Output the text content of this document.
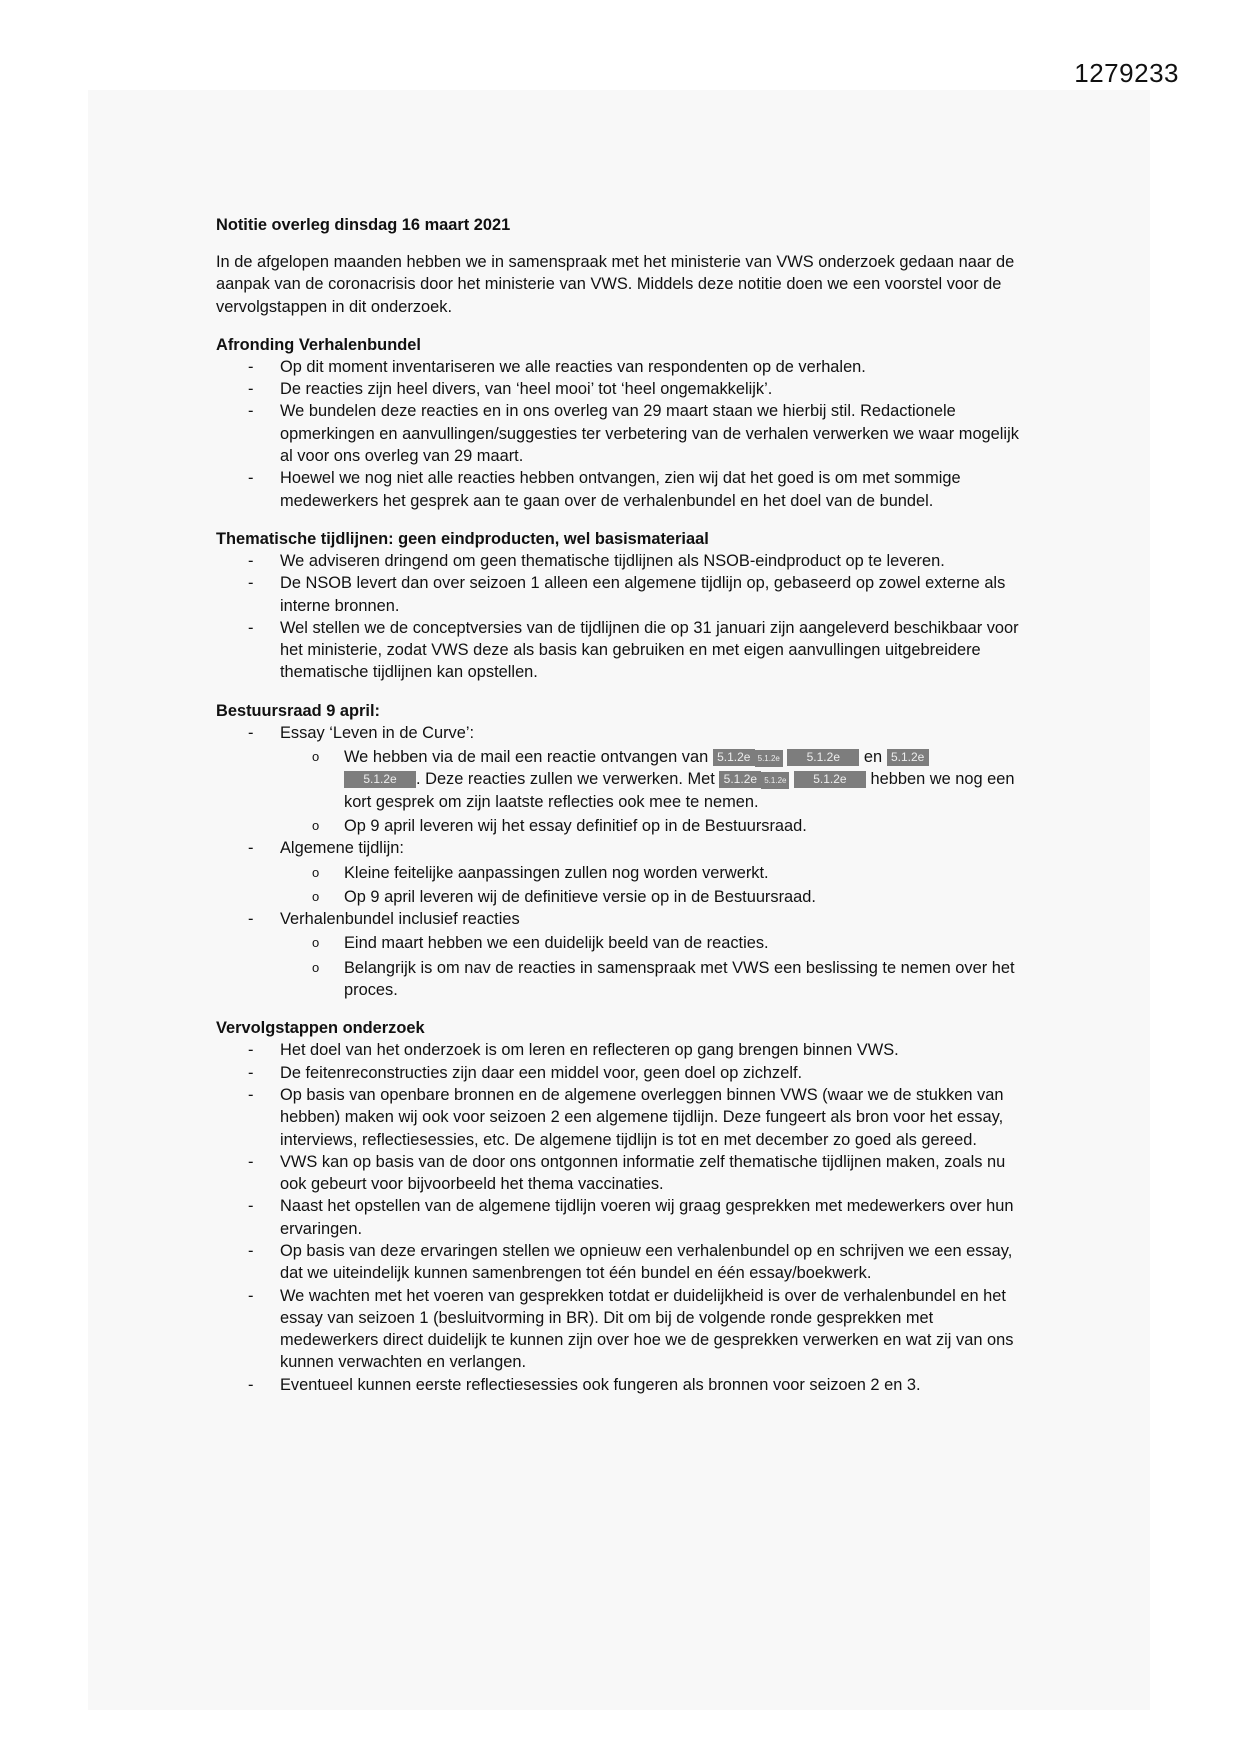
1279233
Notitie overleg dinsdag 16 maart 2021

In de afgelopen maanden hebben we in samenspraak met het ministerie van VWS onderzoek gedaan naar de aanpak van de coronacrisis door het ministerie van VWS. Middels deze notitie doen we een voorstel voor de vervolgstappen in dit onderzoek.

Afronding Verhalenbundel
- Op dit moment inventariseren we alle reacties van respondenten op de verhalen.
- De reacties zijn heel divers, van ‘heel mooi’ tot ‘heel ongemakkelijk’.
- We bundelen deze reacties en in ons overleg van 29 maart staan we hierbij stil. Redactionele opmerkingen en aanvullingen/suggesties ter verbetering van de verhalen verwerken we waar mogelijk al voor ons overleg van 29 maart.
- Hoewel we nog niet alle reacties hebben ontvangen, zien wij dat het goed is om met sommige medewerkers het gesprek aan te gaan over de verhalenbundel en het doel van de bundel.
Thematische tijdlijnen: geen eindproducten, wel basismateriaal
- We adviseren dringend om geen thematische tijdlijnen als NSOB-eindproduct op te leveren.
- De NSOB levert dan over seizoen 1 alleen een algemene tijdlijn op, gebaseerd op zowel externe als interne bronnen.
- Wel stellen we de conceptversies van de tijdlijnen die op 31 januari zijn aangeleverd beschikbaar voor het ministerie, zodat VWS deze als basis kan gebruiken en met eigen aanvullingen uitgebreidere thematische tijdlijnen kan opstellen.
Bestuursraad 9 april:
- Essay ‘Leven in de Curve’:
o We hebben via de mail een reactie ontvangen van 5.1.2e 5.1.2e 5.1.2e en 5.1.2e
5.1.2e . Deze reacties zullen we verwerken. Met 5.1.2e 5.1.2e 5.1.2e hebben we nog een kort gesprek om zijn laatste reflecties ook mee te nemen.
o Op 9 april leveren wij het essay definitief op in de Bestuursraad.
- Algemene tijdlijn:
o Kleine feitelijke aanpassingen zullen nog worden verwerkt.
o Op 9 april leveren wij de definitieve versie op in de Bestuursraad.
- Verhalenbundel inclusief reacties
o Eind maart hebben we een duidelijk beeld van de reacties.
o Belangrijk is om nav de reacties in samenspraak met VWS een beslissing te nemen over het proces.
Vervolgstappen onderzoek
- Het doel van het onderzoek is om leren en reflecteren op gang brengen binnen VWS.
- De feitenreconstructies zijn daar een middel voor, geen doel op zichzelf.
- Op basis van openbare bronnen en de algemene overleggen binnen VWS (waar we de stukken van hebben) maken wij ook voor seizoen 2 een algemene tijdlijn. Deze fungeert als bron voor het essay, interviews, reflectiesessies, etc. De algemene tijdlijn is tot en met december zo goed als gereed.
- VWS kan op basis van de door ons ontgonnen informatie zelf thematische tijdlijnen maken, zoals nu ook gebeurt voor bijvoorbeeld het thema vaccinaties.
- Naast het opstellen van de algemene tijdlijn voeren wij graag gesprekken met medewerkers over hun ervaringen.
- Op basis van deze ervaringen stellen we opnieuw een verhalenbundel op en schrijven we een essay, dat we uiteindelijk kunnen samenbrengen tot één bundel en één essay/boekwerk.
- We wachten met het voeren van gesprekken totdat er duidelijkheid is over de verhalenbundel en het essay van seizoen 1 (besluitvorming in BR). Dit om bij de volgende ronde gesprekken met medewerkers direct duidelijk te kunnen zijn over hoe we de gesprekken verwerken en wat zij van ons kunnen verwachten en verlangen.
- Eventueel kunnen eerste reflectiesessies ook fungeren als bronnen voor seizoen 2 en 3.
